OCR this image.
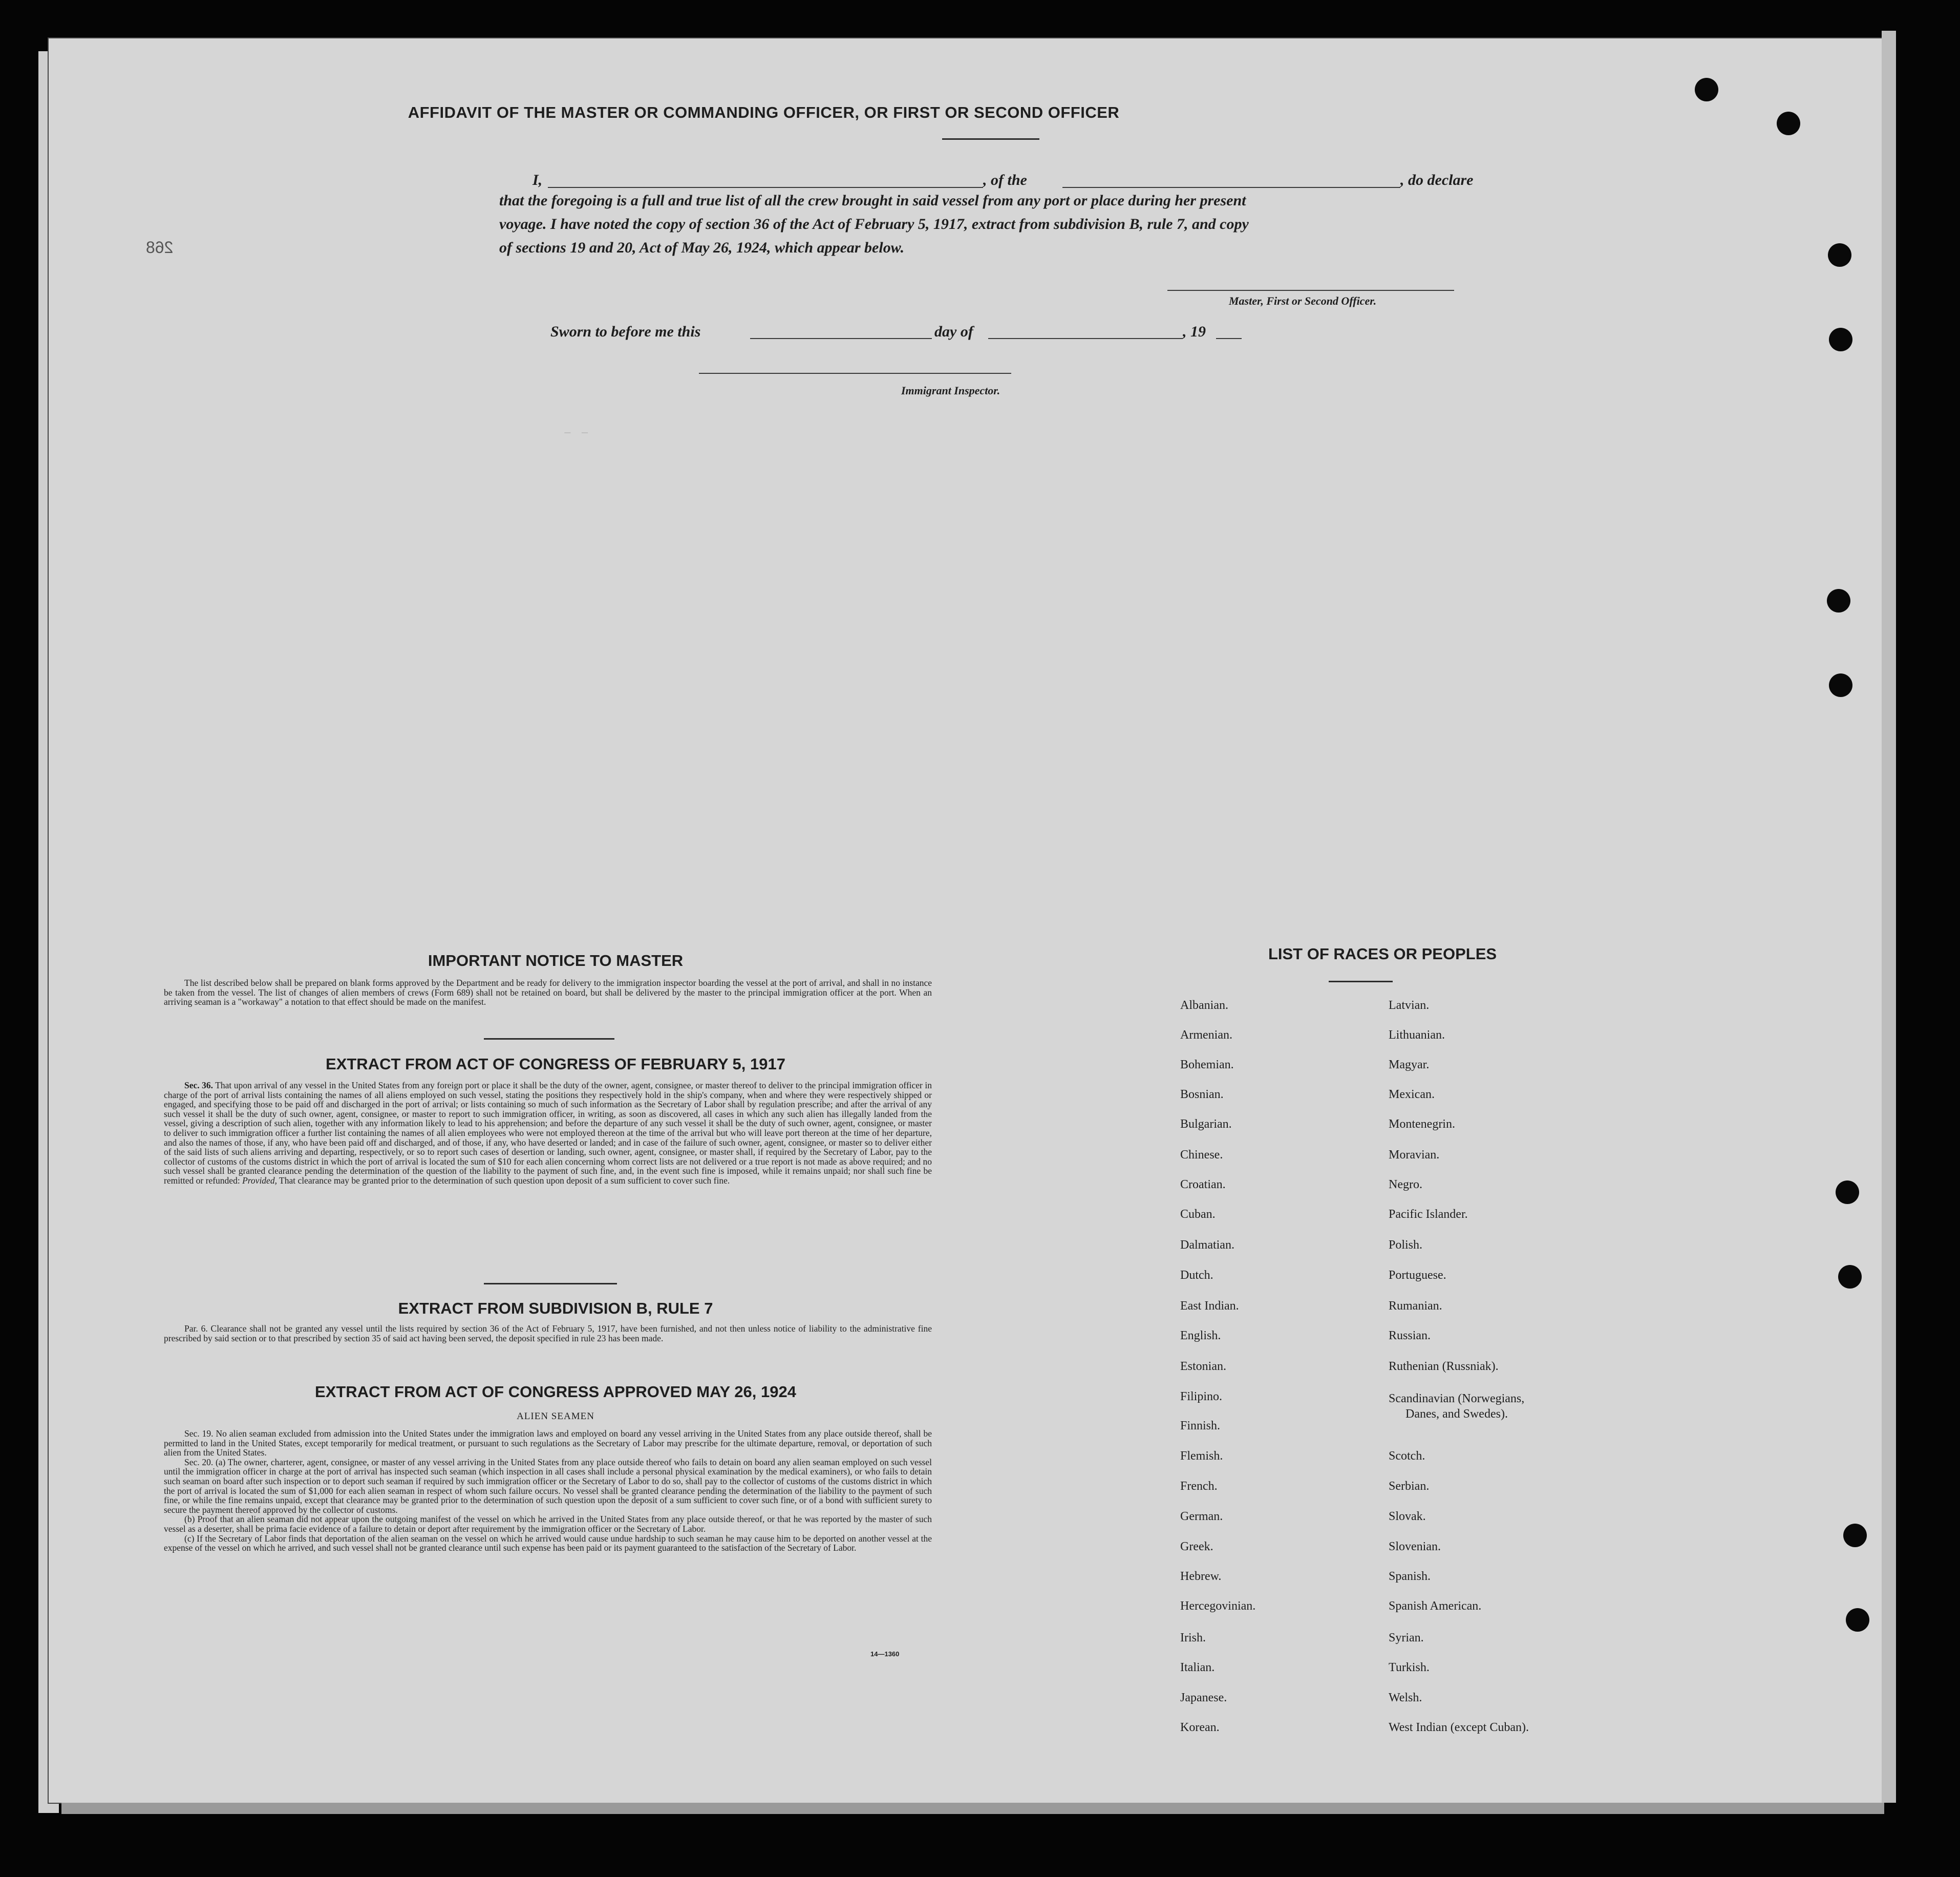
– –
268
AFFIDAVIT OF THE MASTER OR COMMANDING OFFICER, OR FIRST OR SECOND OFFICER
I,	, of the	, do declare
that the foregoing is a full and true list of all the crew brought in said vessel from any port or place during her present
voyage. I have noted the copy of section 36 of the Act of February 5, 1917, extract from subdivision B, rule 7, and copy
of sections 19 and 20, Act of May 26, 1924, which appear below.
Master, First or Second Officer.
Sworn to before me this	day of	, 19
Immigrant Inspector.
IMPORTANT NOTICE TO MASTER
The list described below shall be prepared on blank forms approved by the Department and be ready for delivery to the immigration inspector boarding the vessel at the port of arrival, and shall in no instance be taken from the vessel. The list of changes of alien members of crews (Form 689) shall not be retained on board, but shall be delivered by the master to the principal immigration officer at the port. When an arriving seaman is a "workaway" a notation to that effect should be made on the manifest.
EXTRACT FROM ACT OF CONGRESS OF FEBRUARY 5, 1917
Sec. 36. That upon arrival of any vessel in the United States from any foreign port or place it shall be the duty of the owner, agent, consignee, or master thereof to deliver to the principal immigration officer in charge of the port of arrival lists containing the names of all aliens employed on such vessel, stating the positions they respectively hold in the ship's company, when and where they were respectively shipped or engaged, and specifying those to be paid off and discharged in the port of arrival; or lists containing so much of such information as the Secretary of Labor shall by regulation prescribe; and after the arrival of any such vessel it shall be the duty of such owner, agent, consignee, or master to report to such immigration officer, in writing, as soon as discovered, all cases in which any such alien has illegally landed from the vessel, giving a description of such alien, together with any information likely to lead to his apprehension; and before the departure of any such vessel it shall be the duty of such owner, agent, consignee, or master to deliver to such immigration officer a further list containing the names of all alien employees who were not employed thereon at the time of the arrival but who will leave port thereon at the time of her departure, and also the names of those, if any, who have been paid off and discharged, and of those, if any, who have deserted or landed; and in case of the failure of such owner, agent, consignee, or master so to deliver either of the said lists of such aliens arriving and departing, respectively, or so to report such cases of desertion or landing, such owner, agent, consignee, or master shall, if required by the Secretary of Labor, pay to the collector of customs of the customs district in which the port of arrival is located the sum of $10 for each alien concerning whom correct lists are not delivered or a true report is not made as above required; and no such vessel shall be granted clearance pending the determination of the question of the liability to the payment of such fine, and, in the event such fine is imposed, while it remains unpaid; nor shall such fine be remitted or refunded: Provided, That clearance may be granted prior to the determination of such question upon deposit of a sum sufficient to cover such fine.
EXTRACT FROM SUBDIVISION B, RULE 7
Par. 6. Clearance shall not be granted any vessel until the lists required by section 36 of the Act of February 5, 1917, have been furnished, and not then unless notice of liability to the administrative fine prescribed by said section or to that prescribed by section 35 of said act having been served, the deposit specified in rule 23 has been made.
EXTRACT FROM ACT OF CONGRESS APPROVED MAY 26, 1924
ALIEN SEAMEN
Sec. 19. No alien seaman excluded from admission into the United States under the immigration laws and employed on board any vessel arriving in the United States from any place outside thereof, shall be permitted to land in the United States, except temporarily for medical treatment, or pursuant to such regulations as the Secretary of Labor may prescribe for the ultimate departure, removal, or deportation of such alien from the United States.
Sec. 20. (a) The owner, charterer, agent, consignee, or master of any vessel arriving in the United States from any place outside thereof who fails to detain on board any alien seaman employed on such vessel until the immigration officer in charge at the port of arrival has inspected such seaman (which inspection in all cases shall include a personal physical examination by the medical examiners), or who fails to detain such seaman on board after such inspection or to deport such seaman if required by such immigration officer or the Secretary of Labor to do so, shall pay to the collector of customs of the customs district in which the port of arrival is located the sum of $1,000 for each alien seaman in respect of whom such failure occurs. No vessel shall be granted clearance pending the determination of the liability to the payment of such fine, or while the fine remains unpaid, except that clearance may be granted prior to the determination of such question upon the deposit of a sum sufficient to cover such fine, or of a bond with sufficient surety to secure the payment thereof approved by the collector of customs.
(b) Proof that an alien seaman did not appear upon the outgoing manifest of the vessel on which he arrived in the United States from any place outside thereof, or that he was reported by the master of such vessel as a deserter, shall be prima facie evidence of a failure to detain or deport after requirement by the immigration officer or the Secretary of Labor.
(c) If the Secretary of Labor finds that deportation of the alien seaman on the vessel on which he arrived would cause undue hardship to such seaman he may cause him to be deported on another vessel at the expense of the vessel on which he arrived, and such vessel shall not be granted clearance until such expense has been paid or its payment guaranteed to the satisfaction of the Secretary of Labor.
14—1360
LIST OF RACES OR PEOPLES
Albanian.
Armenian.
Bohemian.
Bosnian.
Bulgarian.
Chinese.
Croatian.
Cuban.
Dalmatian.
Dutch.
East Indian.
English.
Estonian.
Filipino.
Finnish.
Flemish.
French.
German.
Greek.
Hebrew.
Hercegovinian.
Irish.
Italian.
Japanese.
Korean.
Latvian.
Lithuanian.
Magyar.
Mexican.
Montenegrin.
Moravian.
Negro.
Pacific Islander.
Polish.
Portuguese.
Rumanian.
Russian.
Ruthenian (Russniak).
Scandinavian (Norwegians,
Danes, and Swedes).
Scotch.
Serbian.
Slovak.
Slovenian.
Spanish.
Spanish American.
Syrian.
Turkish.
Welsh.
West Indian (except Cuban).
